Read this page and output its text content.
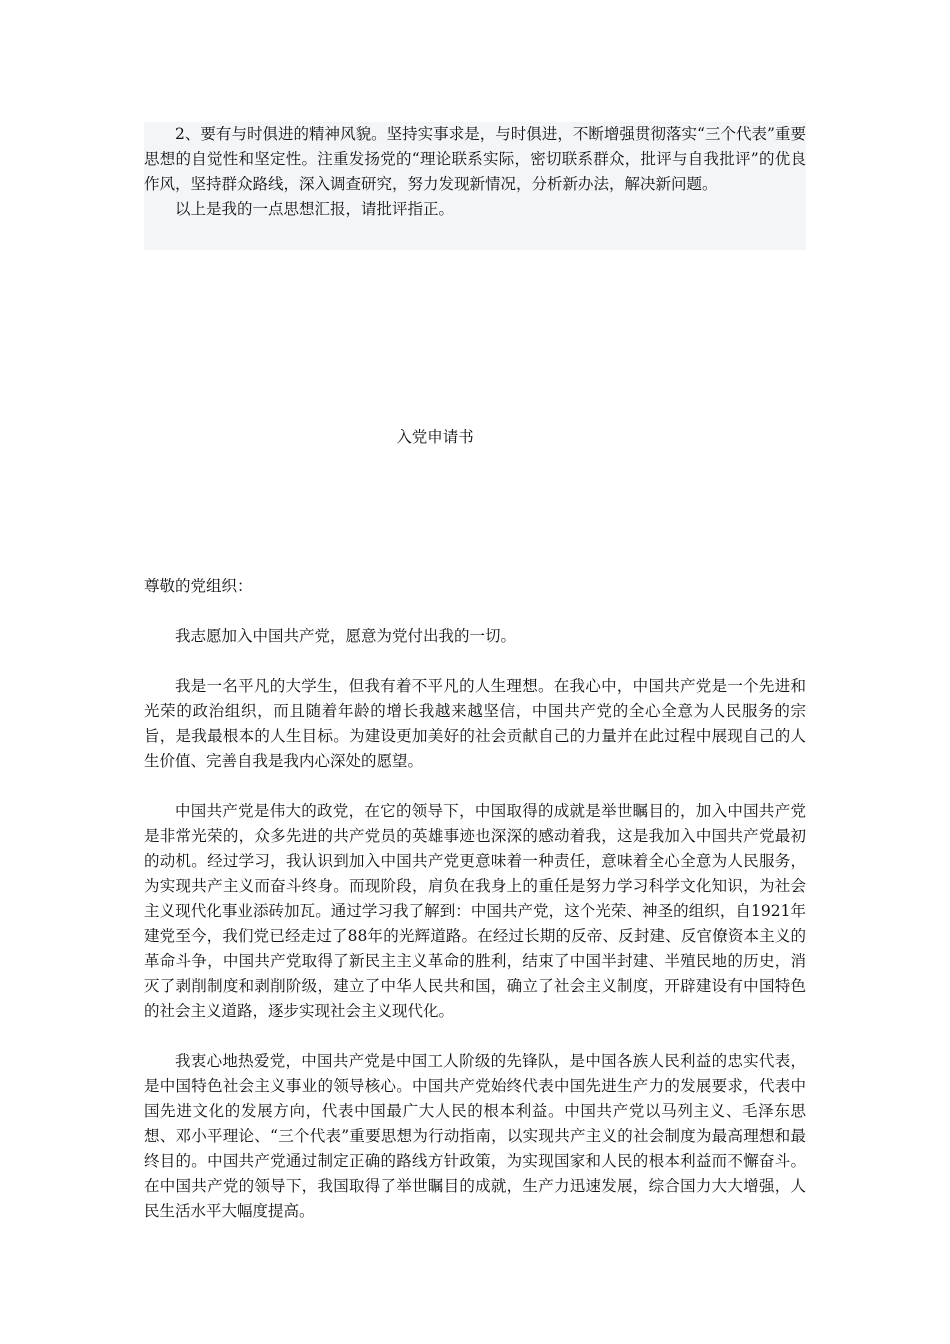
2、要有与时俱进的精神风貌。坚持实事求是，与时俱进，不断增强贯彻落实“三个代表”重要思想的自觉性和坚定性。注重发扬党的“理论联系实际，密切联系群众，批评与自我批评”的优良作风，坚持群众路线，深入调查研究，努力发现新情况，分析新办法，解决新问题。

以上是我的一点思想汇报，请批评指正。

入党申请书

尊敬的党组织：

我志愿加入中国共产党，愿意为党付出我的一切。

我是一名平凡的大学生，但我有着不平凡的人生理想。在我心中，中国共产党是一个先进和光荣的政治组织，而且随着年龄的增长我越来越坚信，中国共产党的全心全意为人民服务的宗旨，是我最根本的人生目标。为建设更加美好的社会贡献自己的力量并在此过程中展现自己的人生价值、完善自我是我内心深处的愿望。

中国共产党是伟大的政党，在它的领导下，中国取得的成就是举世瞩目的，加入中国共产党是非常光荣的，众多先进的共产党员的英雄事迹也深深的感动着我，这是我加入中国共产党最初的动机。经过学习，我认识到加入中国共产党更意味着一种责任，意味着全心全意为人民服务，为实现共产主义而奋斗终身。而现阶段，肩负在我身上的重任是努力学习科学文化知识，为社会主义现代化事业添砖加瓦。通过学习我了解到：中国共产党，这个光荣、神圣的组织，自1921年建党至今，我们党已经走过了88年的光辉道路。在经过长期的反帝、反封建、反官僚资本主义的革命斗争，中国共产党取得了新民主主义革命的胜利，结束了中国半封建、半殖民地的历史，消灭了剥削制度和剥削阶级，建立了中华人民共和国，确立了社会主义制度，开辟建设有中国特色的社会主义道路，逐步实现社会主义现代化。

我衷心地热爱党，中国共产党是中国工人阶级的先锋队，是中国各族人民利益的忠实代表，是中国特色社会主义事业的领导核心。中国共产党始终代表中国先进生产力的发展要求，代表中国先进文化的发展方向，代表中国最广大人民的根本利益。中国共产党以马列主义、毛泽东思想、邓小平理论、“三个代表”重要思想为行动指南，以实现共产主义的社会制度为最高理想和最终目的。中国共产党通过制定正确的路线方针政策，为实现国家和人民的根本利益而不懈奋斗。在中国共产党的领导下，我国取得了举世瞩目的成就，生产力迅速发展，综合国力大大增强，人民生活水平大幅度提高。
